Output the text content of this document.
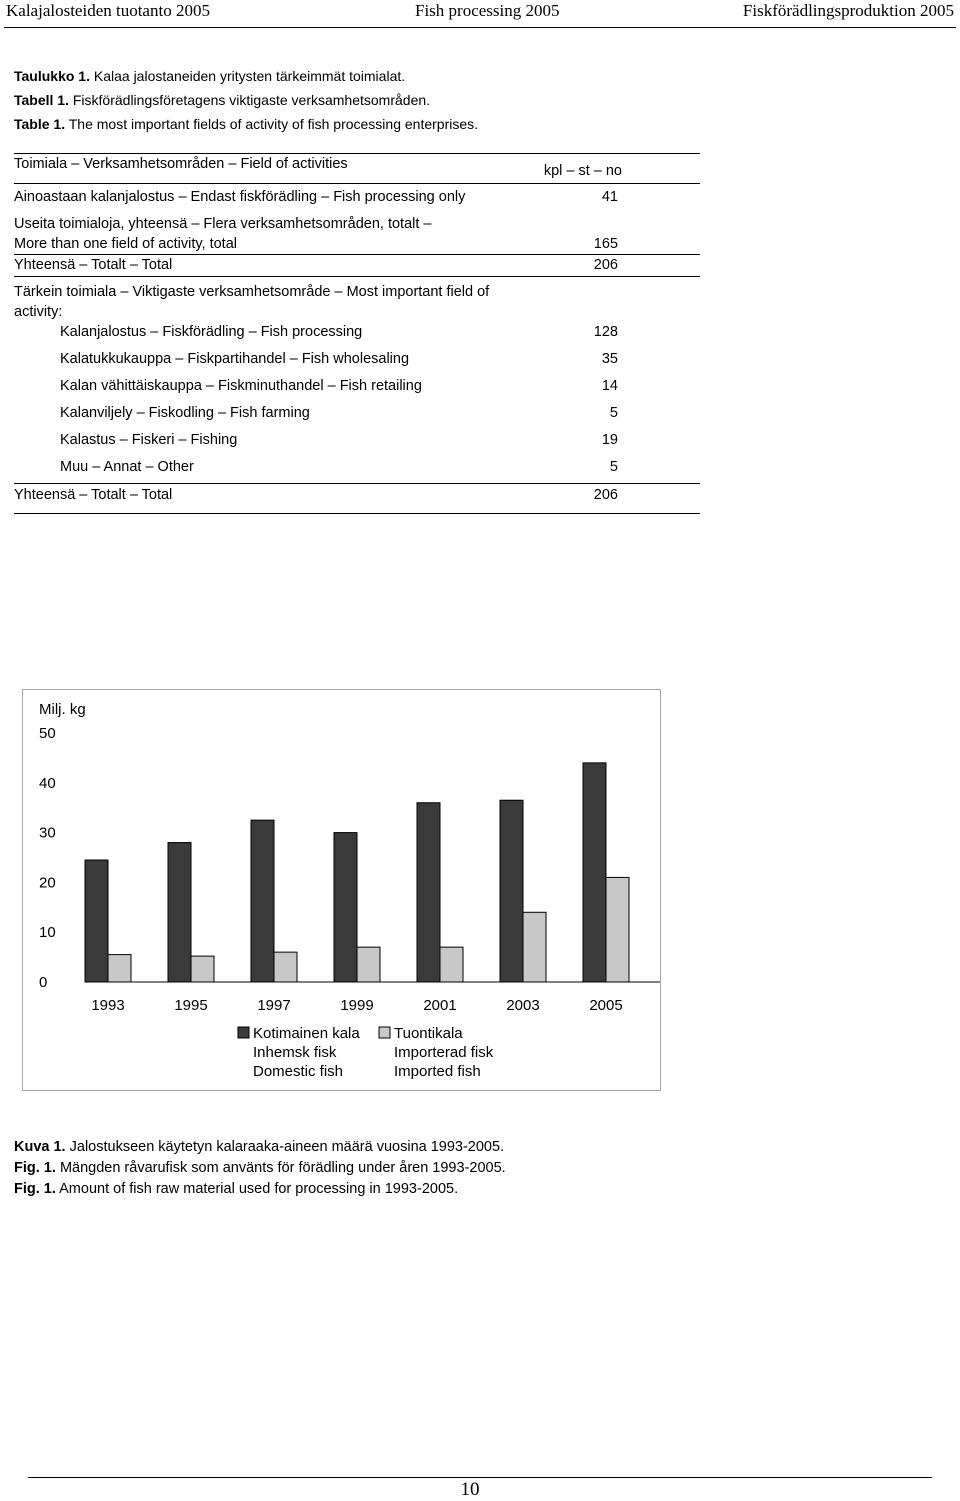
Kalajalosteiden tuotanto 2005	Fish processing 2005	Fiskförädlingsproduktion 2005
Taulukko 1. Kalaa jalostaneiden yritysten tärkeimmät toimialat.
Tabell 1. Fiskförädlingsföretagens viktigaste verksamhetsområden.
Table 1. The most important fields of activity of fish processing enterprises.
Toimiala – Verksamhetsområden – Field of activities	kpl – st – no
Ainoastaan kalanjalostus – Endast fiskförädling – Fish processing only	41
Useita toimialoja, yhteensä – Flera verksamhetsområden, totalt –
More than one field of activity, total	165
Yhteensä – Totalt – Total	206
Tärkein toimiala – Viktigaste verksamhetsområde – Most important field of
activity:
Kalanjalostus – Fiskförädling – Fish processing	128
Kalatukkukauppa – Fiskpartihandel – Fish wholesaling	35
Kalan vähittäiskauppa – Fiskminuthandel – Fish retailing	14
Kalanviljely – Fiskodling – Fish farming	5
Kalastus – Fiskeri – Fishing	19
Muu – Annat – Other	5
Yhteensä – Totalt – Total	206
Milj. kg
0
10
20
30
40
50
1993	1995	1997	1999	2001	2003	2005
Kotimainen kala
Inhemsk fisk
Domestic fish
Tuontikala
Importerad fisk
Imported fish
Kuva 1. Jalostukseen käytetyn kalaraaka-aineen määrä vuosina 1993-2005.
Fig. 1. Mängden råvarufisk som använts för förädling under åren 1993-2005.
Fig. 1. Amount of fish raw material used for processing in 1993-2005.
10
